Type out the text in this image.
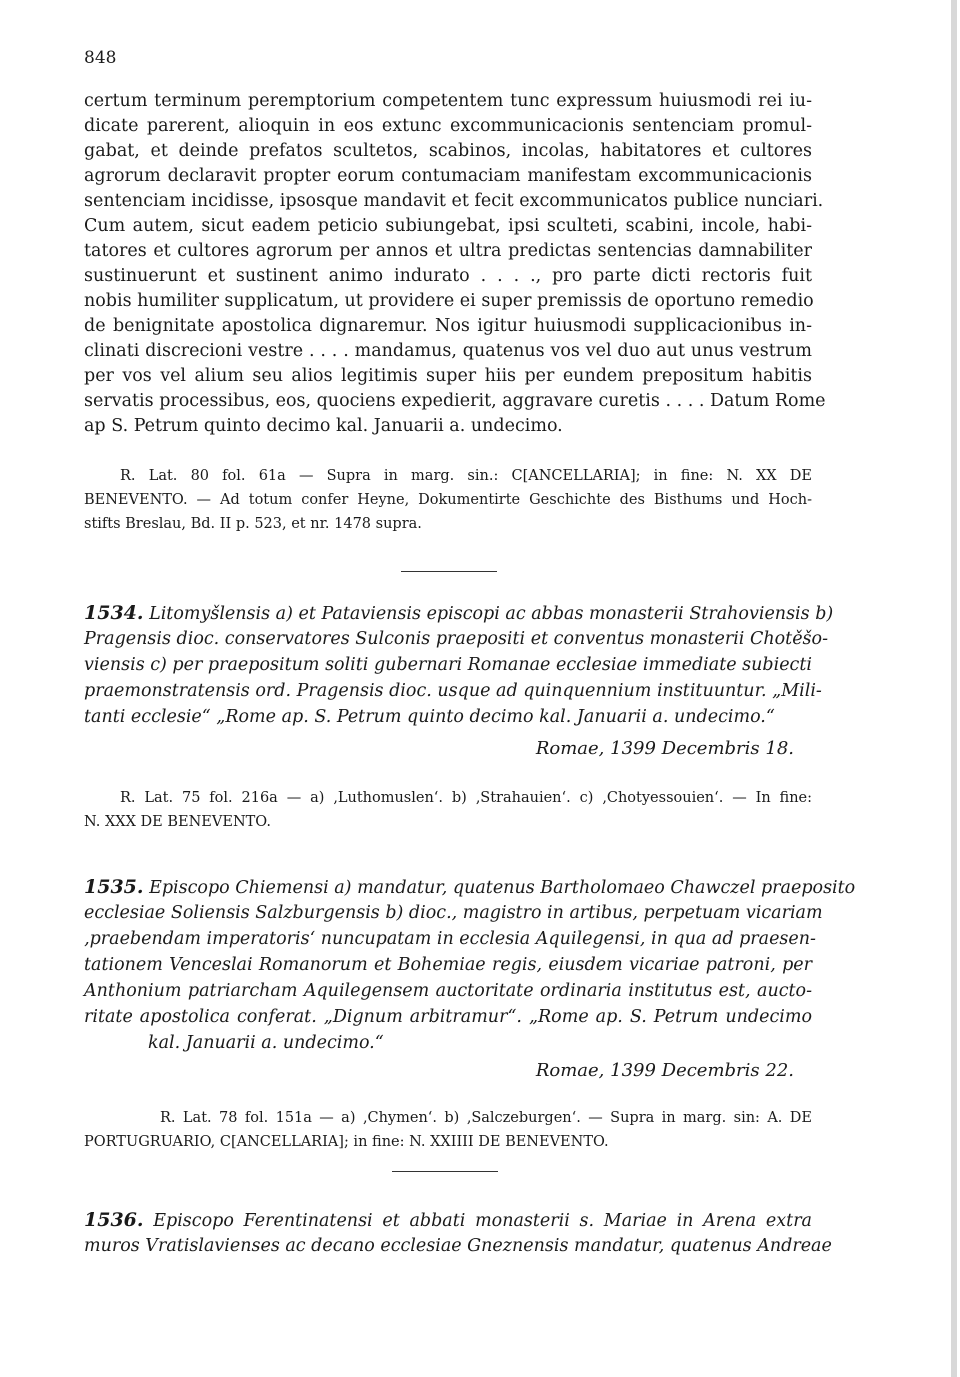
848
certum terminum peremptorium competentem tunc expressum huiusmodi rei iu-
dicate parerent, alioquin in eos extunc excommunicacionis sentenciam promul-
gabat, et deinde prefatos scultetos, scabinos, incolas, habitatores et cultores
agrorum declaravit propter eorum contumaciam manifestam excommunicacionis
sentenciam incidisse, ipsosque mandavit et fecit excommunicatos publice nunciari.
Cum autem, sicut eadem peticio subiungebat, ipsi sculteti, scabini, incole, habi-
tatores et cultores agrorum per annos et ultra predictas sentencias damnabiliter
sustinuerunt et sustinent animo indurato . . . ., pro parte dicti rectoris fuit
nobis humiliter supplicatum, ut providere ei super premissis de oportuno remedio
de benignitate apostolica dignaremur. Nos igitur huiusmodi supplicacionibus in-
clinati discrecioni vestre . . . . mandamus, quatenus vos vel duo aut unus vestrum
per vos vel alium seu alios legitimis super hiis per eundem prepositum habitis
servatis processibus, eos, quociens expedierit, aggravare curetis . . . . Datum Rome
ap S. Petrum quinto decimo kal. Januarii a. undecimo.
R. Lat. 80 fol. 61a — Supra in marg. sin.: C[ANCELLARIA]; in fine: N. XX DE
BENEVENTO. — Ad totum confer Heyne, Dokumentirte Geschichte des Bisthums und Hoch-
stifts Breslau, Bd. II p. 523, et nr. 1478 supra.
1534. Litomyšlensis a) et Pataviensis episcopi ac abbas monasterii Strahoviensis b)
Pragensis dioc. conservatores Sulconis praepositi et conventus monasterii Chotěšo-
viensis c) per praepositum soliti gubernari Romanae ecclesiae immediate subiecti
praemonstratensis ord. Pragensis dioc. usque ad quinquennium instituuntur. „Mili-
tanti ecclesie“ „Rome ap. S. Petrum quinto decimo kal. Januarii a. undecimo.“
Romae, 1399 Decembris 18.
R. Lat. 75 fol. 216a — a) ‚Luthomuslen‘. b) ‚Strahauien‘. c) ‚Chotyessouien‘. — In fine:
N. XXX DE BENEVENTO.
1535. Episcopo Chiemensi a) mandatur, quatenus Bartholomaeo Chawczel praeposito
ecclesiae Soliensis Salzburgensis b) dioc., magistro in artibus, perpetuam vicariam
‚praebendam imperatoris‘ nuncupatam in ecclesia Aquilegensi, in qua ad praesen-
tationem Venceslai Romanorum et Bohemiae regis, eiusdem vicariae patroni, per
Anthonium patriarcham Aquilegensem auctoritate ordinaria institutus est, aucto-
ritate apostolica conferat. „Dignum arbitramur“. „Rome ap. S. Petrum undecimo
kal. Januarii a. undecimo.“
Romae, 1399 Decembris 22.
R. Lat. 78 fol. 151a — a) ‚Chymen‘. b) ‚Salczeburgen‘. — Supra in marg. sin: A. DE
PORTUGRUARIO, C[ANCELLARIA]; in fine: N. XXIIII DE BENEVENTO.
1536. Episcopo Ferentinatensi et abbati monasterii s. Mariae in Arena extra
muros Vratislavienses ac decano ecclesiae Gneznensis mandatur, quatenus Andreae
